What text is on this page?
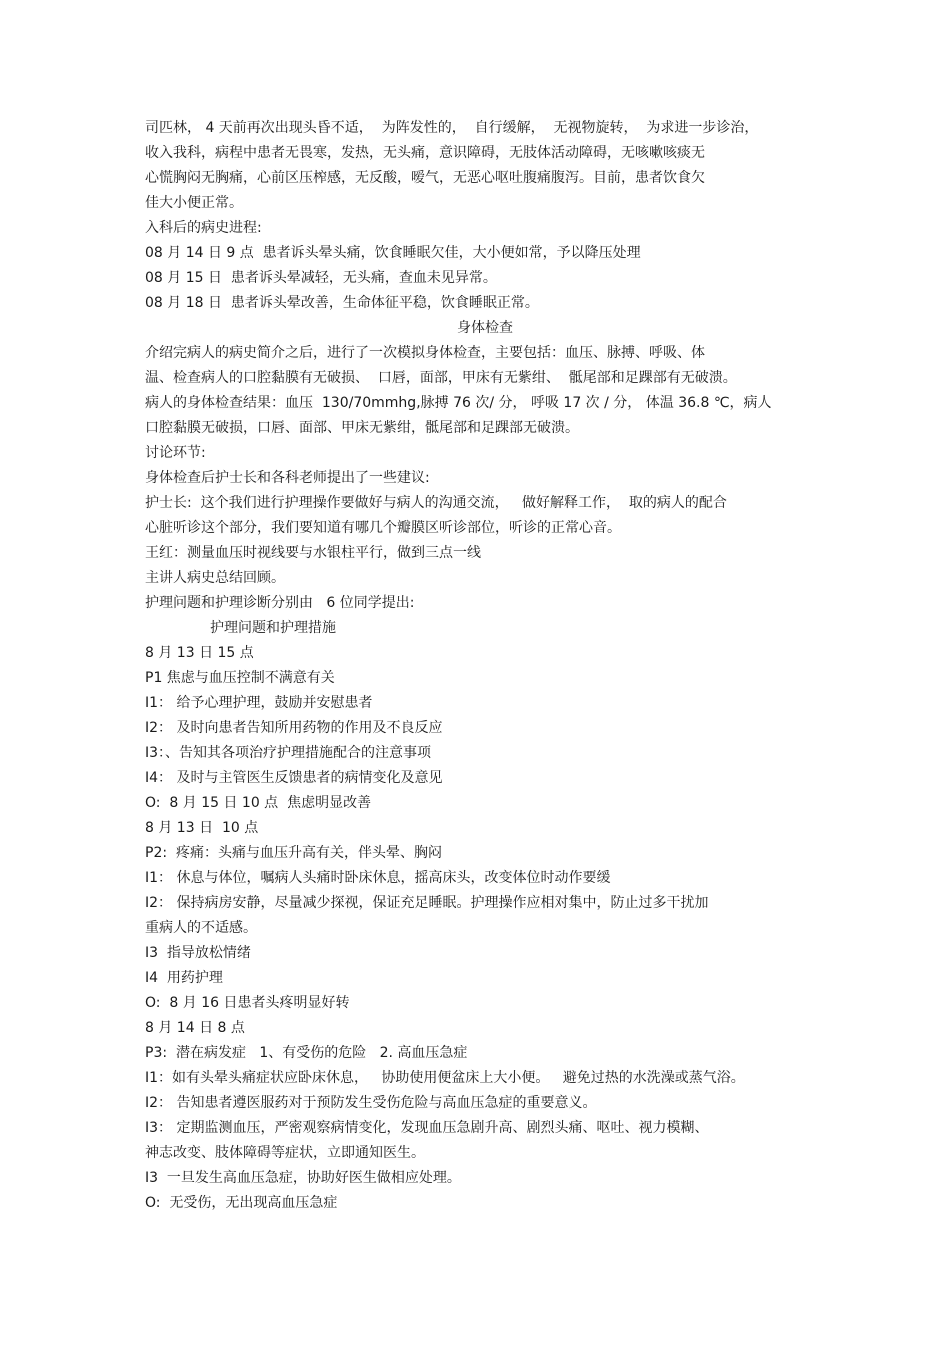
司匹林， 4 天前再次出现头昏不适，  为阵发性的，  自行缓解，  无视物旋转，  为求进一步诊治，
收入我科，病程中患者无畏寒，发热，无头痛，意识障碍，无肢体活动障碍，无咳嗽咳痰无
心慌胸闷无胸痛，心前区压榨感，无反酸，嗳气，无恶心呕吐腹痛腹泻。目前，患者饮食欠
佳大小便正常。
入科后的病史进程:
08 月 14 日 9 点  患者诉头晕头痛，饮食睡眠欠佳，大小便如常，予以降压处理
08 月 15 日  患者诉头晕减轻，无头痛，查血未见异常。
08 月 18 日  患者诉头晕改善，生命体征平稳，饮食睡眠正常。
身体检查
介绍完病人的病史简介之后，进行了一次模拟身体检查，主要包括：血压、脉搏、呼吸、体
温、检查病人的口腔黏膜有无破损、  口唇，面部，甲床有无紫绀、  骶尾部和足踝部有无破溃。
病人的身体检查结果：血压  130/70mmhg,脉搏 76 次/ 分， 呼吸 17 次 / 分， 体温 36.8 ℃，病人
口腔黏膜无破损，口唇、面部、甲床无紫绀，骶尾部和足踝部无破溃。
讨论环节:
身体检查后护士长和各科老师提出了一些建议:
护士长:  这个我们进行护理操作要做好与病人的沟通交流，   做好解释工作，  取的病人的配合
心脏听诊这个部分，我们要知道有哪几个瓣膜区听诊部位，听诊的正常心音。
王红：测量血压时视线要与水银柱平行，做到三点一线
主讲人病史总结回顾。
护理问题和护理诊断分别由   6 位同学提出:
护理问题和护理措施
8 月 13 日 15 点
P1 焦虑与血压控制不满意有关
I1： 给予心理护理，鼓励并安慰患者
I2： 及时向患者告知所用药物的作用及不良反应
I3：、告知其各项治疗护理措施配合的注意事项
I4： 及时与主管医生反馈患者的病情变化及意见
O:  8 月 15 日 10 点  焦虑明显改善
8 月 13 日  10 点
P2:  疼痛：头痛与血压升高有关，伴头晕、胸闷
I1： 休息与体位，嘱病人头痛时卧床休息，摇高床头，改变体位时动作要缓
I2： 保持病房安静，尽量减少探视，保证充足睡眠。护理操作应相对集中，防止过多干扰加
重病人的不适感。
I3  指导放松情绪
I4  用药护理
O:  8 月 16 日患者头疼明显好转
8 月 14 日 8 点
P3:  潜在病发症   1、有受伤的危险   2. 高血压急症
I1：如有头晕头痛症状应卧床休息，   协助使用便盆床上大小便。   避免过热的水洗澡或蒸气浴。
I2： 告知患者遵医服药对于预防发生受伤危险与高血压急症的重要意义。
I3： 定期监测血压，严密观察病情变化，发现血压急剧升高、剧烈头痛、呕吐、视力模糊、
神志改变、肢体障碍等症状，立即通知医生。
I3  一旦发生高血压急症，协助好医生做相应处理。
O:  无受伤，无出现高血压急症
